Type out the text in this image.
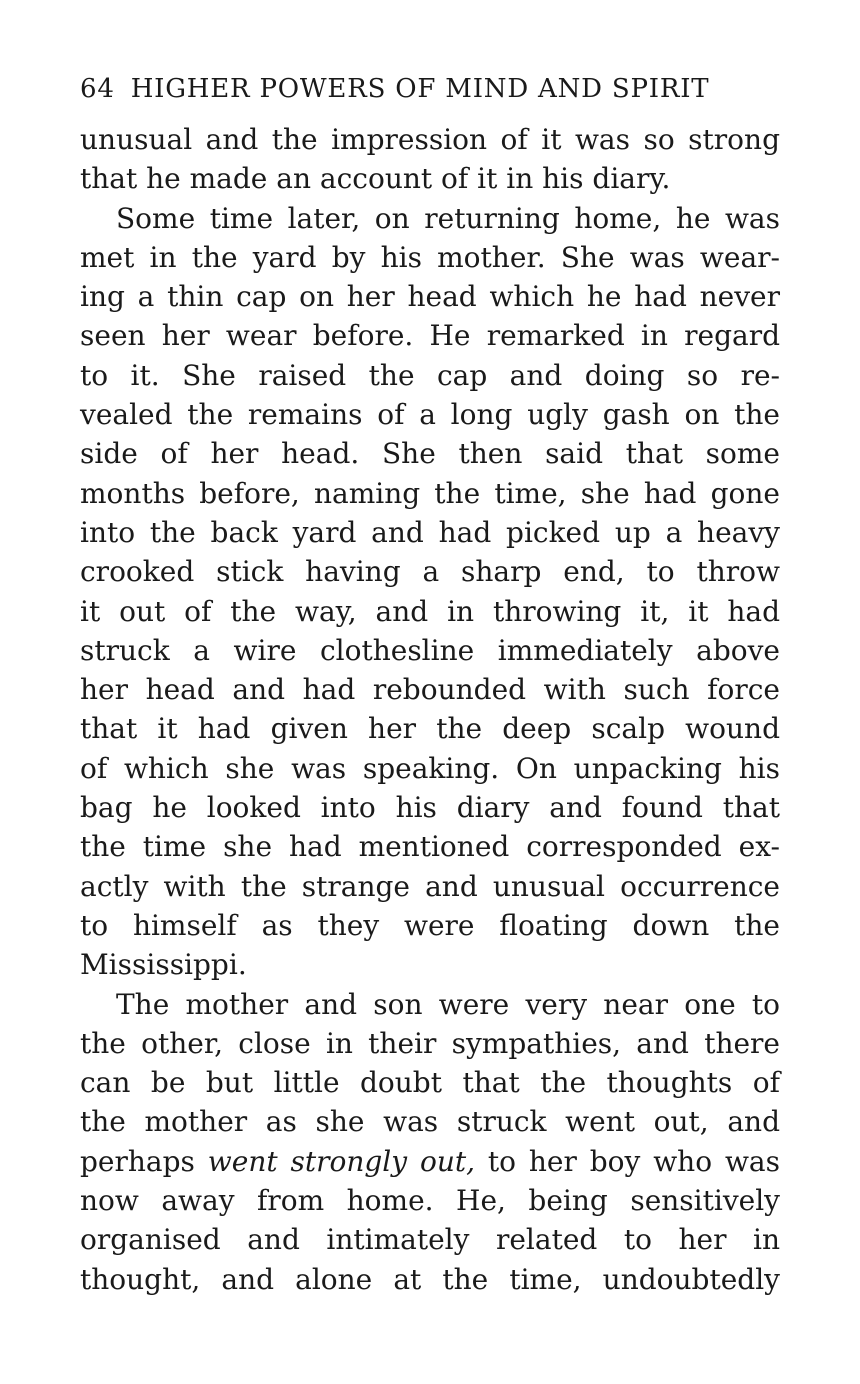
64 HIGHER POWERS OF MIND AND SPIRIT
unusual and the impression of it was so strong
that he made an account of it in his diary.
Some time later, on returning home, he was
met in the yard by his mother. She was wear-
ing a thin cap on her head which he had never
seen her wear before. He remarked in regard
to it. She raised the cap and doing so re-
vealed the remains of a long ugly gash on the
side of her head. She then said that some
months before, naming the time, she had gone
into the back yard and had picked up a heavy
crooked stick having a sharp end, to throw
it out of the way, and in throwing it, it had
struck a wire clothesline immediately above
her head and had rebounded with such force
that it had given her the deep scalp wound
of which she was speaking. On unpacking his
bag he looked into his diary and found that
the time she had mentioned corresponded ex-
actly with the strange and unusual occurrence
to himself as they were floating down the
Mississippi.
The mother and son were very near one to
the other, close in their sympathies, and there
can be but little doubt that the thoughts of
the mother as she was struck went out, and
perhaps went strongly out, to her boy who was
now away from home. He, being sensitively
organised and intimately related to her in
thought, and alone at the time, undoubtedly
